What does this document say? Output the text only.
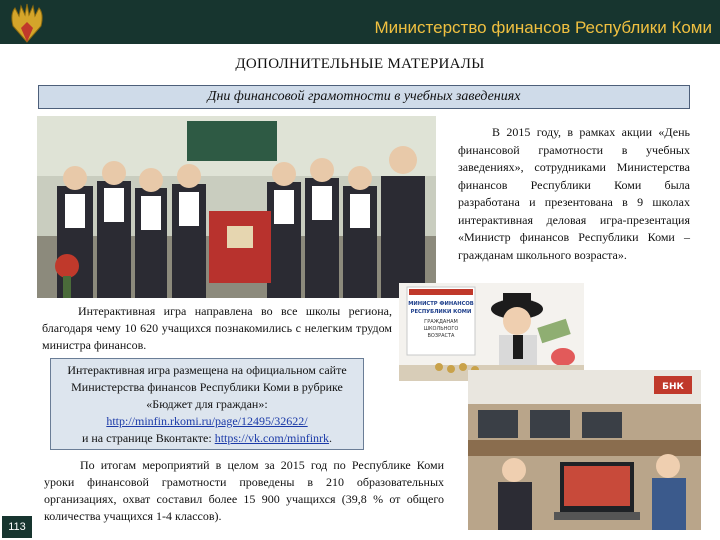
Министерство финансов Республики Коми
ДОПОЛНИТЕЛЬНЫЕ МАТЕРИАЛЫ
Дни финансовой грамотности в учебных заведениях

В 2015 году, в рамках акции «День финансовой грамотности в учебных заведениях», сотрудниками Министерства финансов Республики Коми была разработана и презентована в 9 школах интерактивная деловая игра-презентация «Министр финансов Республики Коми – гражданам школьного возраста».

Интерактивная игра направлена во все школы региона, благодаря чему 10 620 учащихся познакомились с нелегким трудом министра финансов.

МИНИСТР ФИНАНСОВ
РЕСПУБЛИКИ КОМИ
ГРАЖДАНАМ
ШКОЛЬНОГО
ВОЗРАСТА
Интерактивная игра размещена на официальном сайте Министерства финансов Республики Коми в рубрике «Бюджет для граждан»:
http://minfin.rkomi.ru/page/12495/32622/
и на странице Вконтакте: https://vk.com/minfinrk.
БНК

По итогам мероприятий в целом за 2015 год по Республике Коми уроки финансовой грамотности проведены в 210 образовательных организациях, охват составил более 15 900 учащихся (39,8 % от общего количества учащихся 1-4 классов).

113
